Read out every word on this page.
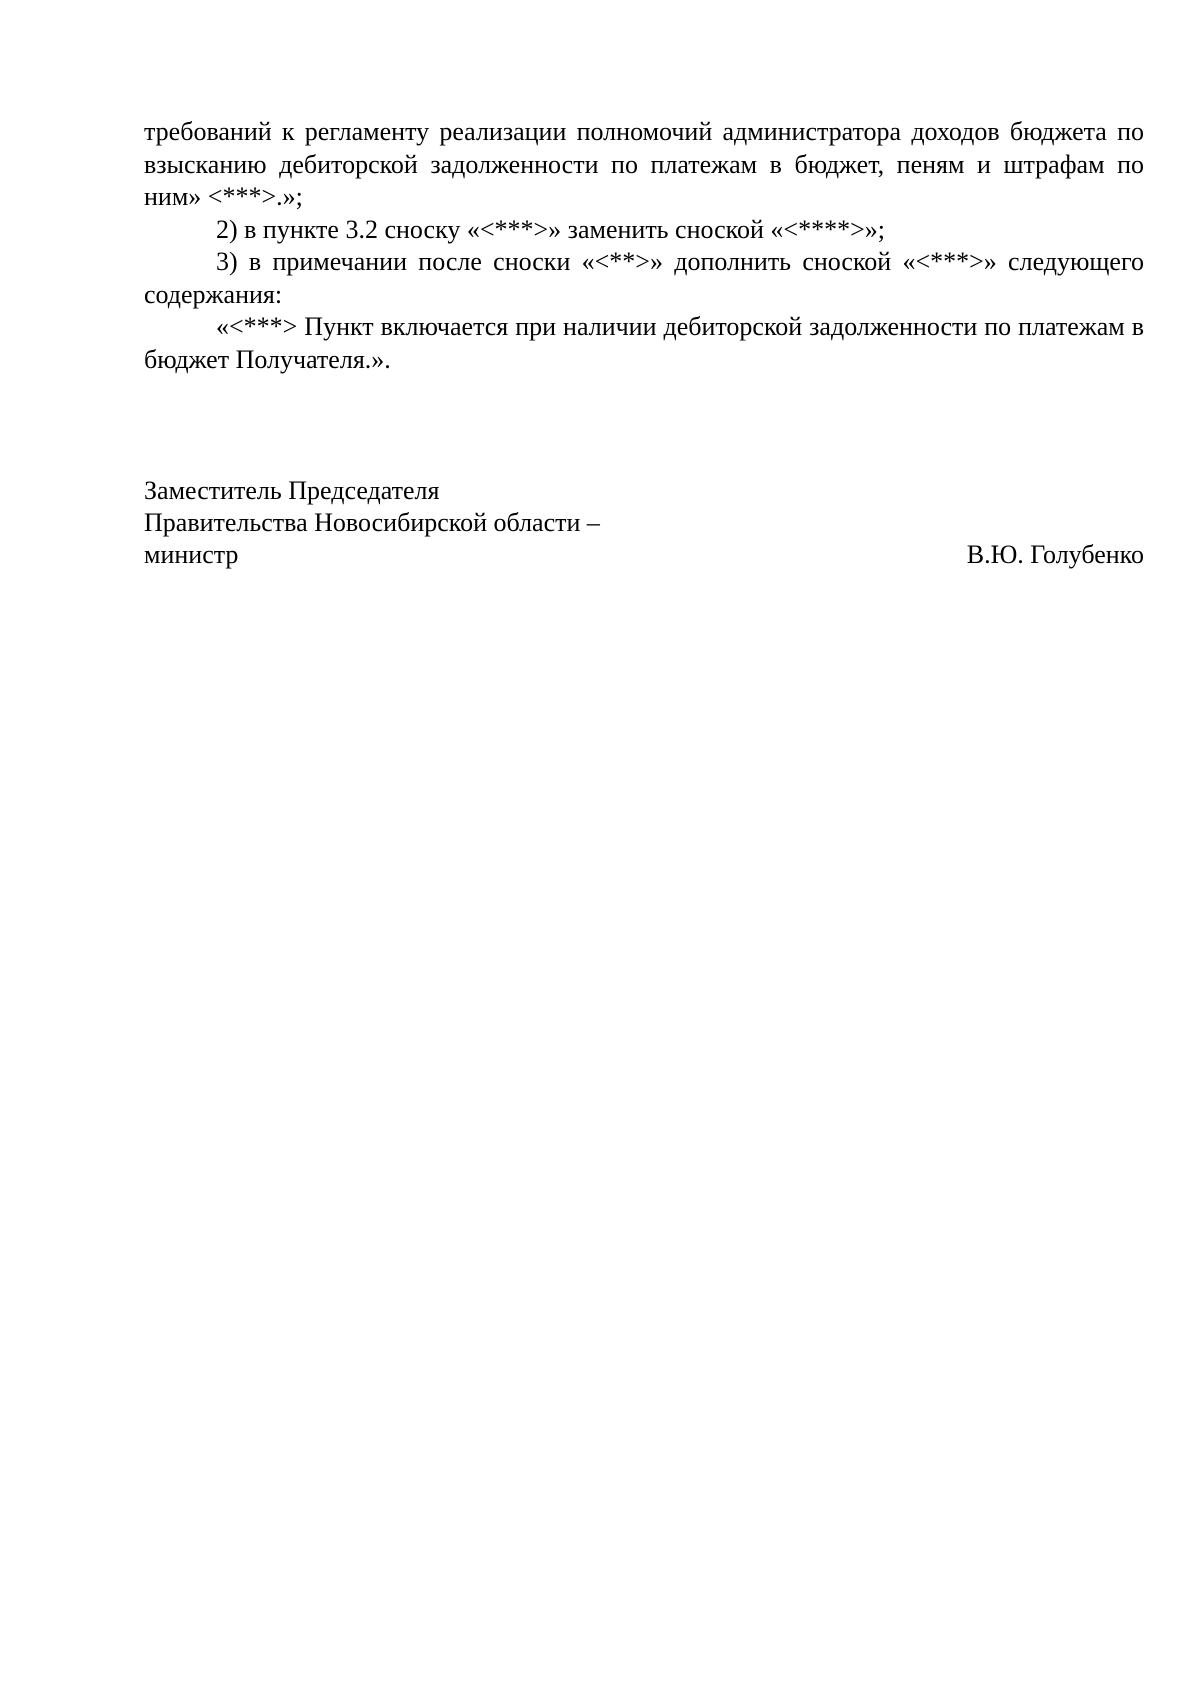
требований к регламенту реализации полномочий администратора доходов бюджета по взысканию дебиторской задолженности по платежам в бюджет, пеням и штрафам по ним» <***>.»;

2) в пункте 3.2 сноску «<***>» заменить сноской «<****>»;

3) в примечании после сноски «<**>» дополнить сноской «<***>» следующего содержания:

«<***> Пункт включается при наличии дебиторской задолженности по платежам в бюджет Получателя.».

Заместитель Председателя
Правительства Новосибирской области –
министр	В.Ю. Голубенко
